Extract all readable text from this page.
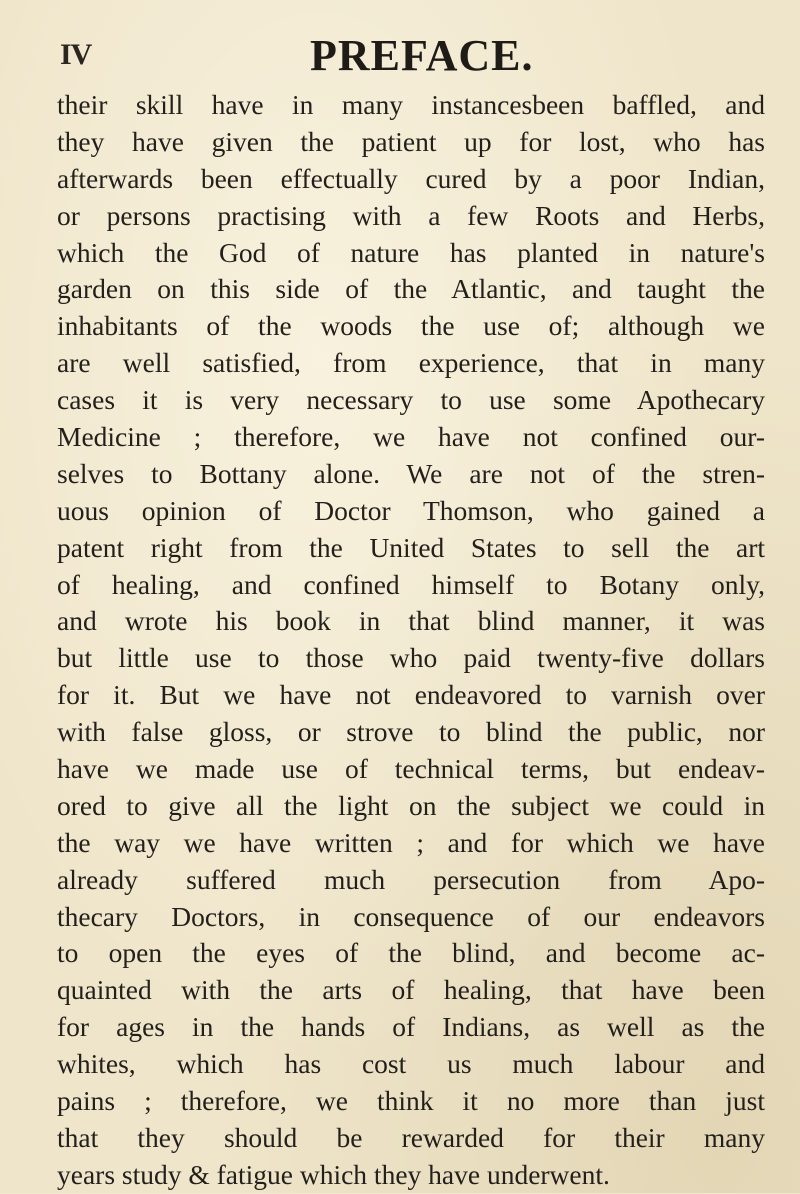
IV	PREFACE.
their skill have in many instancesbeen baffled, and
they have given the patient up for lost, who has
afterwards been effectually cured by a poor Indian,
or persons practising with a few Roots and Herbs,
which the God of nature has planted in nature's
garden on this side of the Atlantic, and taught the
inhabitants of the woods the use of; although we
are well satisfied, from experience, that in many
cases it is very necessary to use some Apothecary
Medicine ; therefore, we have not confined our-
selves to Bottany alone. We are not of the stren-
uous opinion of Doctor Thomson, who gained a
patent right from the United States to sell the art
of healing, and confined himself to Botany only,
and wrote his book in that blind manner, it was
but little use to those who paid twenty-five dollars
for it. But we have not endeavored to varnish over
with false gloss, or strove to blind the public, nor
have we made use of technical terms, but endeav-
ored to give all the light on the subject we could in
the way we have written ; and for which we have
already suffered much persecution from Apo-
thecary Doctors, in consequence of our endeavors
to open the eyes of the blind, and become ac-
quainted with the arts of healing, that have been
for ages in the hands of Indians, as well as the
whites, which has cost us much labour and
pains ; therefore, we think it no more than just
that they should be rewarded for their many
years study & fatigue which they have underwent.
